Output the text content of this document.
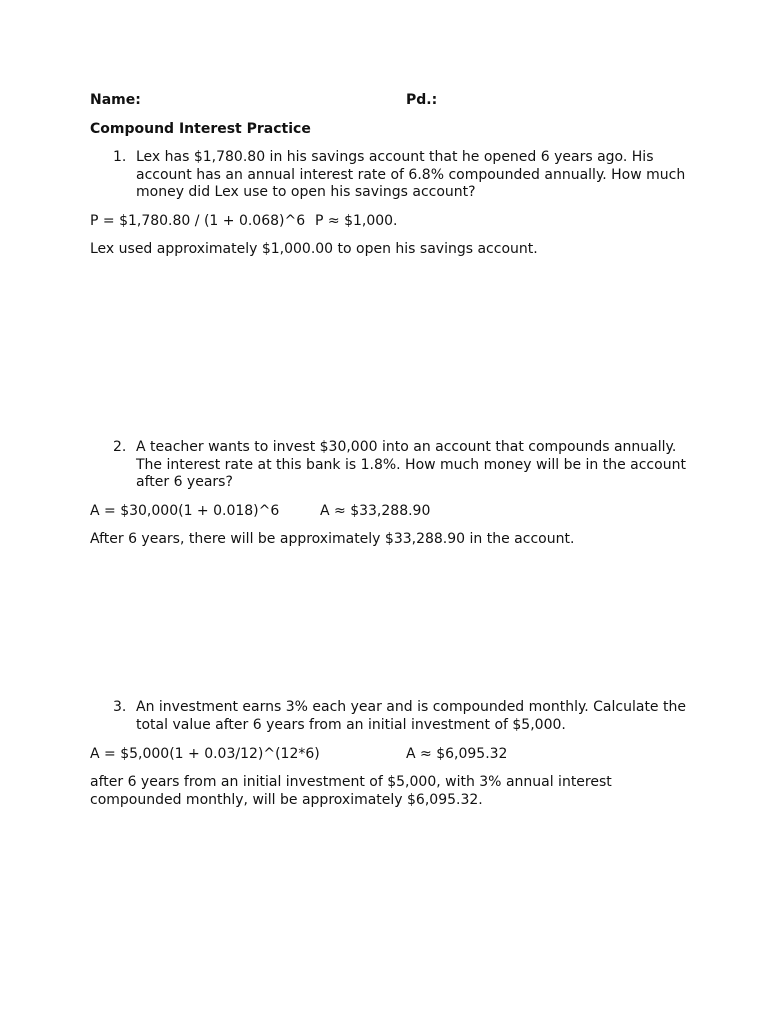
Name:	Pd.:
Compound Interest Practice
1. Lex has $1,780.80 in his savings account that he opened 6 years ago. His account has an annual interest rate of 6.8% compounded annually. How much money did Lex use to open his savings account?
P = $1,780.80 / (1 + 0.068)^6 P ≈ $1,000.
Lex used approximately $1,000.00 to open his savings account.
2. A teacher wants to invest $30,000 into an account that compounds annually. The interest rate at this bank is 1.8%. How much money will be in the account after 6 years?
A = $30,000(1 + 0.018)^6	A ≈ $33,288.90
After 6 years, there will be approximately $33,288.90 in the account.
3. An investment earns 3% each year and is compounded monthly. Calculate the total value after 6 years from an initial investment of $5,000.
A = $5,000(1 + 0.03/12)^(12*6)	A ≈ $6,095.32
after 6 years from an initial investment of $5,000, with 3% annual interest compounded monthly, will be approximately $6,095.32.
